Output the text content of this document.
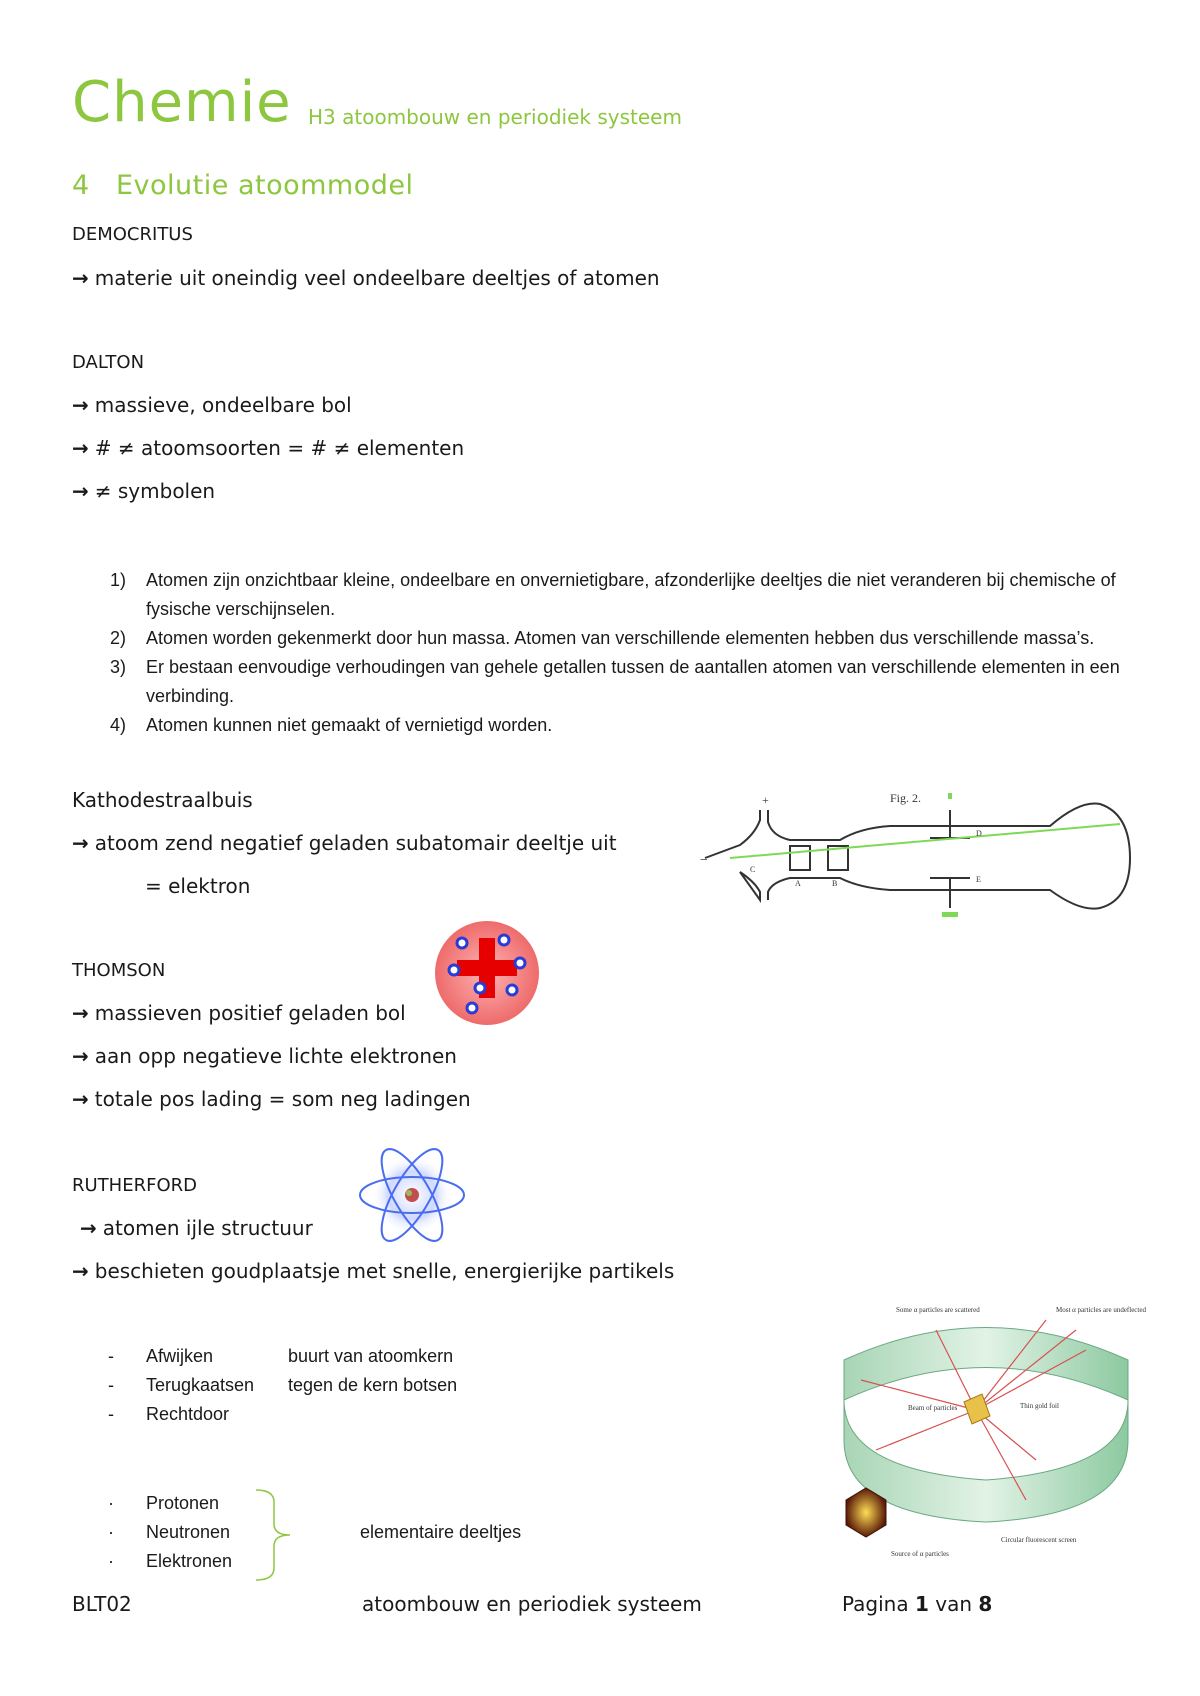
Chemie H3 atoombouw en periodiek systeem
4 Evolutie atoommodel
DEMOCRITUS
→ materie uit oneindig veel ondeelbare deeltjes of atomen
DALTON
→ massieve, ondeelbare bol
→ # ≠ atoomsoorten = # ≠ elementen
→ ≠ symbolen
1)	Atomen zijn onzichtbaar kleine, ondeelbare en onvernietigbare, afzonderlijke deeltjes die niet veranderen bij chemische of fysische verschijnselen.
2)	Atomen worden gekenmerkt door hun massa. Atomen van verschillende elementen hebben dus verschillende massa’s.
3)	Er bestaan eenvoudige verhoudingen van gehele getallen tussen de aantallen atomen van verschillende elementen in een verbinding.
4)	Atomen kunnen niet gemaakt of vernietigd worden.
Kathodestraalbuis
→ atoom zend negatief geladen subatomair deeltje uit
= elektron
Fig. 2.
+
−
C
A	B
D
E
THOMSON
→ massieven positief geladen bol
→ aan opp negatieve lichte elektronen
→ totale pos lading = som neg ladingen
RUTHERFORD
→ atomen ijle structuur
→ beschieten goudplaatsje met snelle, energierijke partikels
- Afwijken	buurt van atoomkern
- Terugkaatsen tegen de kern botsen
- Rechtdoor
· Protonen
· Neutronen
· Elektronen
elementaire deeltjes
Some α particles are scattered	Most α particles are undeflected
Beam of particles	Thin gold foil
Circular fluorescent screen
Source of α particles
BLT02	atoombouw en periodiek systeem	Pagina 1 van 8
